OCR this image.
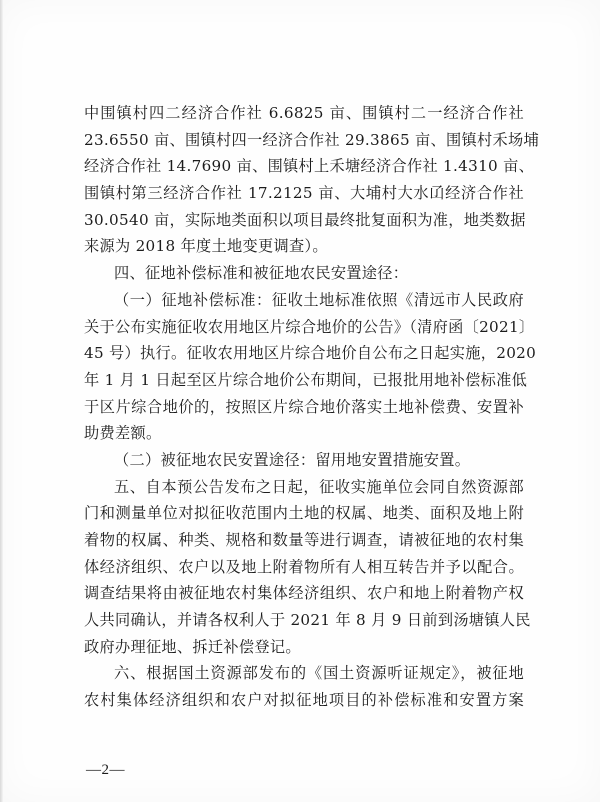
中围镇村四二经济合作社 6.6825 亩、围镇村二一经济合作社
23.6550 亩、围镇村四一经济合作社 29.3865 亩、围镇村禾场埔
经济合作社 14.7690 亩、围镇村上禾塘经济合作社 1.4310 亩、
围镇村第三经济合作社 17.2125 亩、大埔村大水𠙶经济合作社
30.0540 亩，实际地类面积以项目最终批复面积为准，地类数据
来源为 2018 年度土地变更调查）。
四、征地补偿标准和被征地农民安置途径：
（一）征地补偿标准：征收土地标准依照《清远市人民政府
关于公布实施征收农用地区片综合地价的公告》（清府函〔2021〕
45 号）执行。征收农用地区片综合地价自公布之日起实施，2020
年 1 月 1 日起至区片综合地价公布期间，已报批用地补偿标准低
于区片综合地价的，按照区片综合地价落实土地补偿费、安置补
助费差额。
（二）被征地农民安置途径：留用地安置措施安置。
五、自本预公告发布之日起，征收实施单位会同自然资源部
门和测量单位对拟征收范围内土地的权属、地类、面积及地上附
着物的权属、种类、规格和数量等进行调查，请被征地的农村集
体经济组织、农户以及地上附着物所有人相互转告并予以配合。
调查结果将由被征地农村集体经济组织、农户和地上附着物产权
人共同确认，并请各权利人于 2021 年 8 月 9 日前到汤塘镇人民
政府办理征地、拆迁补偿登记。
六、根据国土资源部发布的《国土资源听证规定》，被征地
农村集体经济组织和农户对拟征地项目的补偿标准和安置方案
—2—
